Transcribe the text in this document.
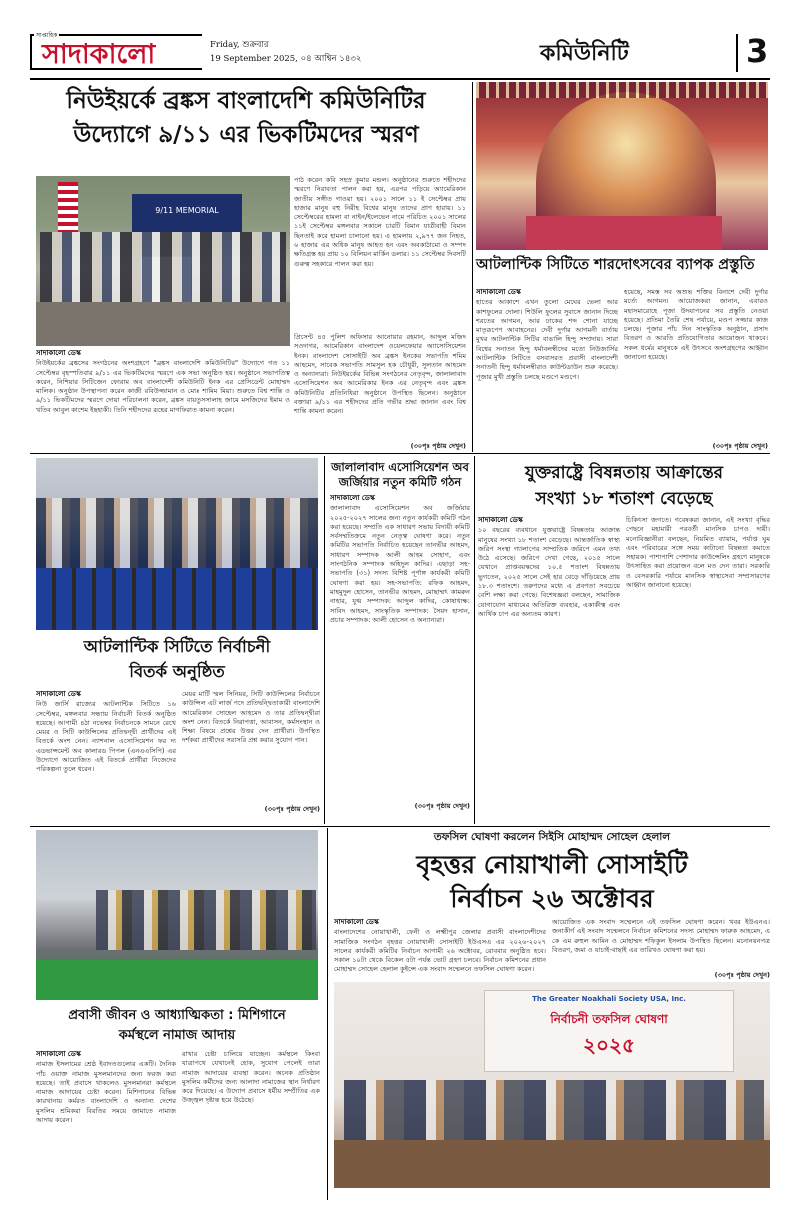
সাপ্তাহিক
সাদাকালো	Friday, শুক্রবার
19 September 2025, ০৪ আশ্বিন ১৪৩২	কমিউনিটি	3
নিউইয়র্কে ব্রঙ্কস বাংলাদেশি কমিউনিটির
উদ্যোগে ৯/১১ এর ভিকটিমদের স্মরণ
9/11 MEMORIAL
সাদাকালো ডেস্ক
নিউইয়র্কের ব্রঙ্কসের সংগঠনের অংশগ্রহণে "ব্রঙ্কস বাংলাদেশি কমিউনিটির" উদ্যোগে গত ১১ সেপ্টেম্বর বৃহস্পতিবার ৯/১১ এর ভিকটিমদের স্মরণে এক সভা অনুষ্ঠিত হয়। অনুষ্ঠানে সভাপতিত্ব করেন, নিশিয়ার সিটিজেন ফোরাম অব বাংলাদেশী কমিউনিটি ইনক এর প্রেসিডেন্ট মোহাম্মদ মালিক। অনুষ্ঠান উপস্থাপনা করেন কাজী রবিউজ্জামান ও মোঃ শামিম মিয়া। শুরুতে বিশ্ব শান্তি ও ৯/১১ ভিকটিমদের স্মরণে দোয়া পরিচালনা করেন, ব্রঙ্কস বায়তুসসালাহ জামে মসজিদের ইমাম ও খতিব আবুল কাশেম ইছহাকী। তিনি শহীদদের রূহের মাগফিরাত কামনা করেন।
পাঠ করেন কবি সহস্র কুমার মন্ডল। অনুষ্ঠানের শুরুতে শহীদদের স্মরণে নিরাবতা পালন করা হয়, এরপর পড়িয়ে অ্যামেরিকান জাতীয় সঙ্গীত গাওয়া হয়। ২০০১ সালে ১১ ই সেপ্টেম্বর প্রায় হাজার মানুষ বহু নিরীহ বিশ্বের মানুষ তাদের প্রাণ হারায়। ১১ সেপ্টেম্বরের হামলা বা নাইন/ইলেভেন নামে পরিচিত ২০০১ সালের ১১ই সেপ্টেম্বর মঙ্গলবার সকালে চারটি বিমান যাত্রীবাহী বিমান ছিনতাই করে হামলা চালানো হয়। এ হামলায় ২,৯৭৭ জন নিহত, ৬ হাজার এর অধিক মানুষ আহত হন এবং অবকাঠামো ও সম্পদ ক্ষতিগ্রস্ত হয় প্রায় ১০ বিলিয়ন মার্কিন ডলার। ১১ সেপ্টেম্বর দিবসটি গুরুত্ব সহকারে পালন করা হয়।
প্রিসেন্ট ৪৫ পুলিশ অফিসার আনোয়ার রহমান, আব্দুল মজিদ সওদাগর, আমেরিকান বাংলাদেশ ওয়েলফেয়ার অ্যাসোসিয়েশন ইনক। বাংলাদেশ সোসাইটি অব ব্রঙ্কস ইনকের সভাপতি শমিম আহমেদ, সাবেক সভাপতি সামসুল হক চৌধুরী, সুলতান আহমেদ ও অন্যান্যরা। নিউইয়র্কের বিভিন্ন সংগঠনের নেতৃবৃন্দ, জালালাবাদ এসোসিয়েশন অব আমেরিকার ইনক এর নেতৃবৃন্দ এবং ব্রঙ্কস কমিউনিটির প্রতিনিধিরা অনুষ্ঠানে উপস্থিত ছিলেন। অনুষ্ঠানে বক্তারা ৯/১১ এর শহীদদের প্রতি গভীর শ্রদ্ধা জানান এবং বিশ্ব শান্তি কামনা করেন।
(৩০পৃঃ পৃষ্ঠায় দেখুন)
আটলান্টিক সিটিতে শারদোৎসবের ব্যাপক প্রস্তুতি
সাদাকালো ডেস্ক
হাতের আকাশে এখন তুলো মেঘের ভেলা আর কাশফুলের দোলা। শিউলি ফুলের সুবাসে জানান দিচ্ছে শরতের আগমন, আর ঢাকের শব্দ শোনা যাচ্ছে মাতৃরূপেণ আবাহনের। দেবী দুর্গার আগমনী বার্তায় মুখর আটলান্টিক সিটির বাঙালি হিন্দু সম্প্রদায়। সারা বিশ্বের সনাতন হিন্দু ধর্মাবলম্বীদের মতো নিউজার্সির আটলান্টিক সিটিতে বসবাসরত প্রবাসী বাংলাদেশী সনাতনী হিন্দু ধর্মাবলম্বীরাও কাউন্টডাউন শুরু করেছে। পূজার মুখী প্রস্তুতি চলছে মণ্ডপে মণ্ডপে।
হয়েছে, সমস্ত সব অশুভ শক্তির বিনাশে দেবী দুর্গার মর্ত্যে আগমন। আয়োজকরা জানান, এবারও মহাসমারোহে পূজা উদযাপনের সব প্রস্তুতি নেওয়া হয়েছে। প্রতিমা তৈরি শেষ পর্যায়ে, মণ্ডপ সজ্জার কাজ চলছে। পূজার পাঁচ দিন সাংস্কৃতিক অনুষ্ঠান, প্রসাদ বিতরণ ও আরতি প্রতিযোগিতার আয়োজন থাকবে। সকল ধর্মের মানুষকে এই উৎসবে অংশগ্রহণের আহ্বান জানানো হয়েছে।
(৩০পৃঃ পৃষ্ঠায় দেখুন)
জালালাবাদ এসোসিয়েশন অব
জর্জিয়ার নতুন কমিটি গঠন
সাদাকালো ডেস্ক
জালালাবাদ এসোসিয়েশন অব জর্জিয়ার ২০২৫-২০২৭ সালের জন্য নতুন কার্যকরী কমিটি গঠন করা হয়েছে। সম্প্রতি এক সাধারণ সভায় বিদায়ী কমিটি সর্বসম্মতিক্রমে নতুন নেতৃত্ব ঘোষণা করে। নতুন কমিটির সভাপতি নির্বাচিত হয়েছেন তানভীর আহমদ, সাধারণ সম্পাদক আলী আহম সোহাগ, এবং সাংগঠনিক সম্পাদক অহিদুল কাদির। এছাড়া সহ-সভাপতি (৩১) সদস্য বিশিষ্ট পূর্ণাঙ্গ কার্যকরী কমিটি ঘোষণা করা হয়। সহ-সভাপতি: রফিক আহমদ, মাহমুদুল হোসেন, তানভীর আহমদ, মোছাম্মৎ কামরুন নাহার, যুগ্ম সম্পাদক: আব্দুল কাদির, কোষাধ্যক্ষ: সাবিদ আহমদ, সাংস্কৃতিক সম্পাদক: সৈয়দ হাসান, প্রচার সম্পাদক: আলী হোসেন ও অন্যান্যরা।
(৩০পৃঃ পৃষ্ঠায় দেখুন)
যুক্তরাষ্ট্রে বিষন্নতায় আক্রান্তের
সংখ্যা ১৮ শতাংশ বেড়েছে
সাদাকালো ডেস্ক
১০ বছরের ব্যবধানে যুক্তরাষ্ট্রে বিষন্নতায় আক্রান্ত মানুষের সংখ্যা ১৮ শতাংশ বেড়েছে। আন্তর্জাতিক স্বাস্থ্য জরিপ সংস্থা গ্যালাপের সাম্প্রতিক জরিপে এমন তথ্য উঠে এসেছে। জরিপে দেখা গেছে, ২০১৫ সালে যেখানে প্রাপ্তবয়স্কদের ১০.৫ শতাংশ বিষন্নতায় ভুগতেন, ২০২৫ সালে সেই হার বেড়ে দাঁড়িয়েছে প্রায় ১৮.৩ শতাংশে। তরুণদের মধ্যে এ প্রবণতা সবচেয়ে বেশি লক্ষ্য করা গেছে। বিশেষজ্ঞরা বলছেন, সামাজিক যোগাযোগ মাধ্যমের অতিরিক্ত ব্যবহার, একাকীত্ব এবং আর্থিক চাপ এর অন্যতম কারণ।
চিকিৎসা জগতে। গবেষকরা জানান, এই সংখ্যা বৃদ্ধির পেছনে মহামারী পরবর্তী মানসিক চাপও দায়ী। মনোবিজ্ঞানীরা বলছেন, নিয়মিত ব্যায়াম, পর্যাপ্ত ঘুম এবং পরিবারের সঙ্গে সময় কাটানো বিষন্নতা কমাতে সহায়ক। পাশাপাশি পেশাদার কাউন্সেলিং গ্রহণে মানুষকে উৎসাহিত করা প্রয়োজন বলে মত দেন তারা। সরকারি ও বেসরকারি পর্যায়ে মানসিক স্বাস্থ্যসেবা সম্প্রসারণের আহ্বান জানানো হয়েছে।
আটলান্টিক সিটিতে নির্বাচনী
বিতর্ক অনুষ্ঠিত
সাদাকালো ডেস্ক
নিউ জার্সি রাজ্যের আটলান্টিক সিটিতে ১৬ সেপ্টেম্বর, মঙ্গলবার সন্ধ্যায় নির্বাচনী বিতর্ক অনুষ্ঠিত হয়েছে। আগামী ৪ঠা নভেম্বর নির্বাচনকে সামনে রেখে মেয়র ও সিটি কাউন্সিলের প্রতিদ্বন্দ্বী প্রার্থীদের এই বিতর্কে অংশ নেন। ন্যাশনাল এসোসিয়েশন ফর দ্য এডভান্সমেন্ট অব কালারড পিপল (এনএএসিপি) এর উদ্যোগে আয়োজিত এই বিতর্কে প্রার্থীরা নিজেদের পরিকল্পনা তুলে ধরেন।
মেয়র মার্টি স্মল সিনিয়র, সিটি কাউন্সিলের নির্বাচনে কাউন্সিল এট লার্জ পদে প্রতিদ্বন্দ্বিতাকারী বাংলাদেশি আমেরিকান সোহেল আহমেদ ও তার প্রতিদ্বন্দ্বীরা অংশ নেন। বিতর্কে নিরাপত্তা, আবাসন, কর্মসংস্থান ও শিক্ষা বিষয়ে প্রশ্নের উত্তর দেন প্রার্থীরা। উপস্থিত দর্শকরা প্রার্থীদের সরাসরি প্রশ্ন করার সুযোগ পান।
(৩০পৃঃ পৃষ্ঠায় দেখুন)
প্রবাসী জীবন ও আধ্যাত্মিকতা : মিশিগানে
কর্মস্থলে নামাজ আদায়
সাদাকালো ডেস্ক
নামাজ ইসলামের শ্রেষ্ঠ ইবাদতগুলোর একটি। দৈনিক পাঁচ ওয়াক্ত নামাজ মুসলমানদের জন্য ফরজ করা হয়েছে। তাই প্রবাসে থাকলেও মুসলমানরা কর্মস্থলে নামাজ আদায়ের চেষ্টা করেন। মিশিগানের বিভিন্ন কারখানায় কর্মরত বাংলাদেশি ও অন্যান্য দেশের মুসলিম শ্রমিকরা বিরতির সময়ে জামাতে নামাজ আদায় করেন।
রাখার চেষ্টা চালিয়ে যাচ্ছেন। কর্মস্থলে কিংবা যাত্রাপথে যেখানেই হোক, সুযোগ পেলেই তারা নামাজ আদায়ের ব্যবস্থা করেন। অনেক প্রতিষ্ঠান মুসলিম কর্মীদের জন্য আলাদা নামাজের স্থান নির্ধারণ করে দিয়েছে। এ উদ্যোগ প্রবাসে ধর্মীয় সম্প্রীতির এক উজ্জ্বল দৃষ্টান্ত হয়ে উঠেছে।
তফসিল ঘোষণা করলেন সিইসি মোহাম্মদ সোহেল হেলাল
বৃহত্তর নোয়াখালী সোসাইটি
নির্বাচন ২৬ অক্টোবর
সাদাকালো ডেস্ক
বাংলাদেশের নোয়াখালী, ফেনী ও লক্ষ্মীপুর জেলার প্রবাসী বাংলাদেশীদের সামাজিক সংগঠন বৃহত্তর নোয়াখালী সোসাইটি ইউএসএ এর ২০২৬-২০২৭ সালের কার্যকরী কমিটির নির্বাচন আগামী ২৬ অক্টোবর, রোববার অনুষ্ঠিত হবে। সকাল ১০টা থেকে বিকেল ৫টা পর্যন্ত ভোট গ্রহণ চলবে। নির্বাচন কমিশনের প্রধান মোহাম্মদ সোহেল হেলাল কুইন্সে এক সংবাদ সম্মেলনে তফসিল ঘোষণা করেন।
আয়োজিত এক সংবাদ সম্মেলনে এই তফসিল ঘোষণা করেন। খবর ইউএনএ। জনাকীর্ণ এই সংবাদ সম্মেলনে নির্বাচন কমিশনের সদস্য মোহাম্মদ ফারুক আহমেদ, এ কে এম রুহুল আমিন ও মোহাম্মদ শফিকুল ইসলাম উপস্থিত ছিলেন। মনোনয়নপত্র বিতরণ, জমা ও যাচাই-বাছাই এর তারিখও ঘোষণা করা হয়।
(৩০পৃঃ পৃষ্ঠায় দেখুন)
The Greater Noakhali Society USA, Inc.
নির্বাচনী তফসিল ঘোষণা
২০২৫
